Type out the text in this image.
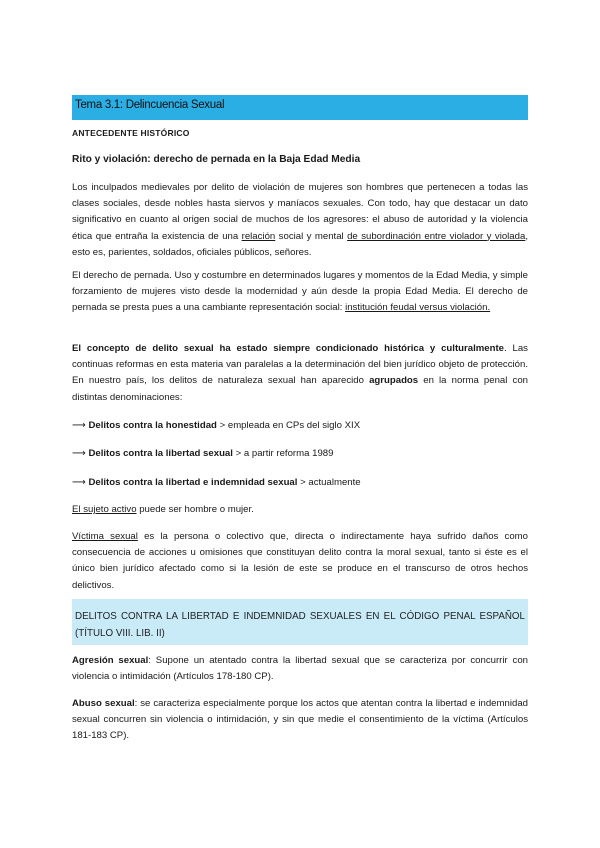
Tema 3.1: Delincuencia Sexual
ANTECEDENTE HISTÓRICO
Rito y violación: derecho de pernada en la Baja Edad Media
Los inculpados medievales por delito de violación de mujeres son hombres que pertenecen a todas las clases sociales, desde nobles hasta siervos y maníacos sexuales. Con todo, hay que destacar un dato significativo en cuanto al origen social de muchos de los agresores: el abuso de autoridad y la violencia ética que entraña la existencia de una relación social y mental de subordinación entre violador y violada, esto es, parientes, soldados, oficiales públicos, señores.
El derecho de pernada. Uso y costumbre en determinados lugares y momentos de la Edad Media, y simple forzamiento de mujeres visto desde la modernidad y aún desde la propia Edad Media. El derecho de pernada se presta pues a una cambiante representación social: institución feudal versus violación.
El concepto de delito sexual ha estado siempre condicionado histórica y culturalmente. Las continuas reformas en esta materia van paralelas a la determinación del bien jurídico objeto de protección. En nuestro país, los delitos de naturaleza sexual han aparecido agrupados en la norma penal con distintas denominaciones:
⟶ Delitos contra la honestidad > empleada en CPs del siglo XIX
⟶ Delitos contra la libertad sexual > a partir reforma 1989
⟶ Delitos contra la libertad e indemnidad sexual > actualmente
El sujeto activo puede ser hombre o mujer.
Víctima sexual es la persona o colectivo que, directa o indirectamente haya sufrido daños como consecuencia de acciones u omisiones que constituyan delito contra la moral sexual, tanto si éste es el único bien jurídico afectado como si la lesión de este se produce en el transcurso de otros hechos delictivos.
DELITOS CONTRA LA LIBERTAD E INDEMNIDAD SEXUALES EN EL CÓDIGO PENAL ESPAÑOL (TÍTULO VIII. LIB. II)
Agresión sexual: Supone un atentado contra la libertad sexual que se caracteriza por concurrir con violencia o intimidación (Artículos 178-180 CP).
Abuso sexual: se caracteriza especialmente porque los actos que atentan contra la libertad e indemnidad sexual concurren sin violencia o intimidación, y sin que medie el consentimiento de la víctima (Artículos 181-183 CP).
